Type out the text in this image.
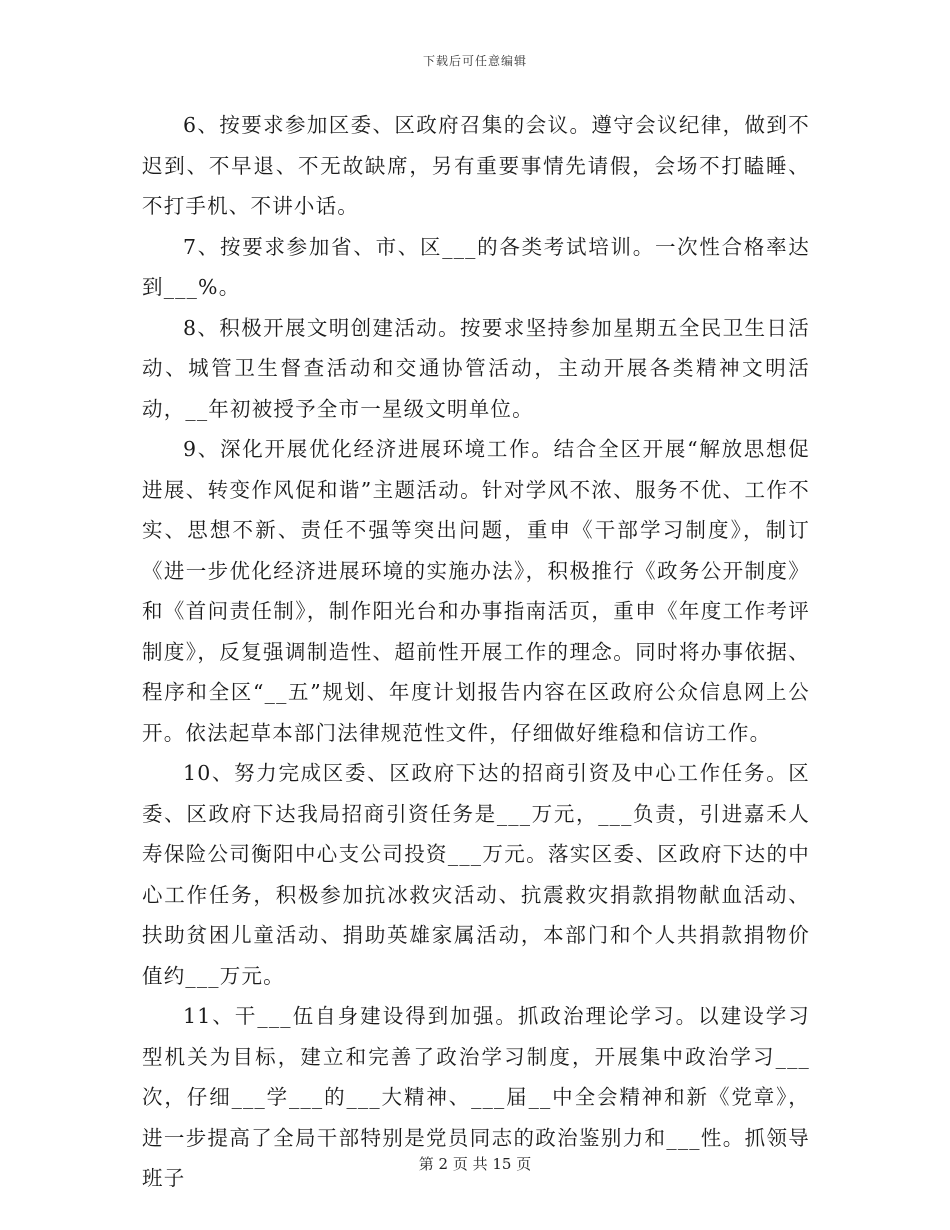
下载后可任意编辑

6、按要求参加区委、区政府召集的会议。遵守会议纪律，做到不迟到、不早退、不无故缺席，另有重要事情先请假，会场不打瞌睡、不打手机、不讲小话。

7、按要求参加省、市、区___的各类考试培训。一次性合格率达到___%。

8、积极开展文明创建活动。按要求坚持参加星期五全民卫生日活动、城管卫生督查活动和交通协管活动，主动开展各类精神文明活动，__年初被授予全市一星级文明单位。

9、深化开展优化经济进展环境工作。结合全区开展“解放思想促进展、转变作风促和谐”主题活动。针对学风不浓、服务不优、工作不实、思想不新、责任不强等突出问题，重申《干部学习制度》，制订《进一步优化经济进展环境的实施办法》，积极推行《政务公开制度》和《首问责任制》，制作阳光台和办事指南活页，重申《年度工作考评制度》，反复强调制造性、超前性开展工作的理念。同时将办事依据、程序和全区“__五”规划、年度计划报告内容在区政府公众信息网上公开。依法起草本部门法律规范性文件，仔细做好维稳和信访工作。

10、努力完成区委、区政府下达的招商引资及中心工作任务。区委、区政府下达我局招商引资任务是___万元，___负责，引进嘉禾人寿保险公司衡阳中心支公司投资___万元。落实区委、区政府下达的中心工作任务，积极参加抗冰救灾活动、抗震救灾捐款捐物献血活动、扶助贫困儿童活动、捐助英雄家属活动，本部门和个人共捐款捐物价值约___万元。

11、干___伍自身建设得到加强。抓政治理论学习。以建设学习型机关为目标，建立和完善了政治学习制度，开展集中政治学习___次，仔细___学___的___大精神、___届__中全会精神和新《党章》，进一步提高了全局干部特别是党员同志的政治鉴别力和___性。抓领导班子

第 2 页 共 15 页
